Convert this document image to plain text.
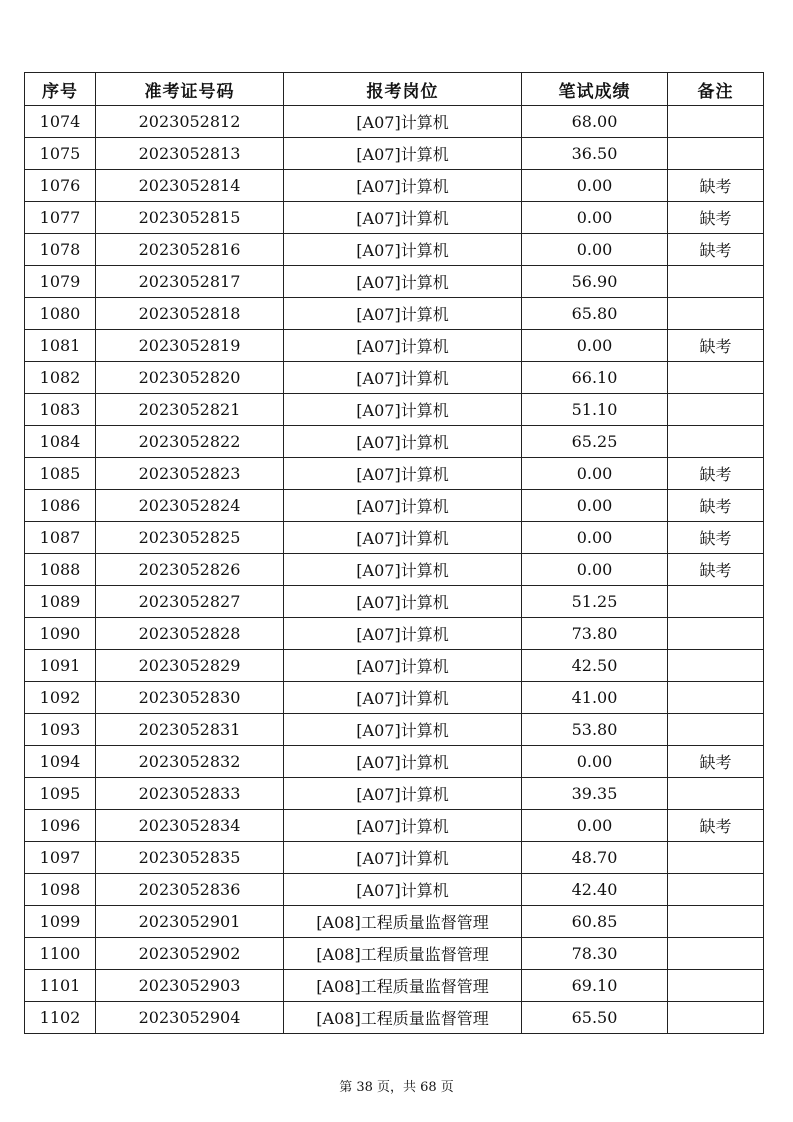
序号	准考证号码	报考岗位	笔试成绩	备注
1074	2023052812	[A07]计算机	68.00	
1075	2023052813	[A07]计算机	36.50	
1076	2023052814	[A07]计算机	0.00	缺考
1077	2023052815	[A07]计算机	0.00	缺考
1078	2023052816	[A07]计算机	0.00	缺考
1079	2023052817	[A07]计算机	56.90	
1080	2023052818	[A07]计算机	65.80	
1081	2023052819	[A07]计算机	0.00	缺考
1082	2023052820	[A07]计算机	66.10	
1083	2023052821	[A07]计算机	51.10	
1084	2023052822	[A07]计算机	65.25	
1085	2023052823	[A07]计算机	0.00	缺考
1086	2023052824	[A07]计算机	0.00	缺考
1087	2023052825	[A07]计算机	0.00	缺考
1088	2023052826	[A07]计算机	0.00	缺考
1089	2023052827	[A07]计算机	51.25	
1090	2023052828	[A07]计算机	73.80	
1091	2023052829	[A07]计算机	42.50	
1092	2023052830	[A07]计算机	41.00	
1093	2023052831	[A07]计算机	53.80	
1094	2023052832	[A07]计算机	0.00	缺考
1095	2023052833	[A07]计算机	39.35	
1096	2023052834	[A07]计算机	0.00	缺考
1097	2023052835	[A07]计算机	48.70	
1098	2023052836	[A07]计算机	42.40	
1099	2023052901	[A08]工程质量监督管理	60.85	
1100	2023052902	[A08]工程质量监督管理	78.30	
1101	2023052903	[A08]工程质量监督管理	69.10	
1102	2023052904	[A08]工程质量监督管理	65.50	
第 38 页，共 68 页
